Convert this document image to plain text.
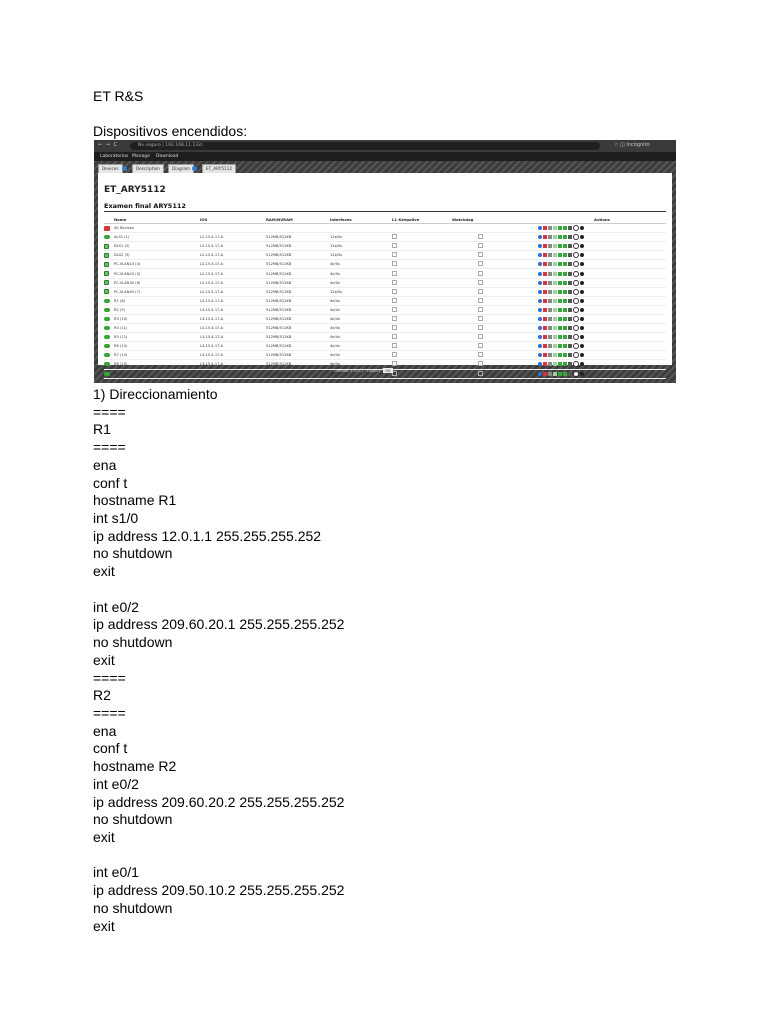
ET R&S
Dispositivos encendidos:
← → C	No seguro | 192.168.11.132/	☆ ◫ Incógnito
Laboratorios Manage Download
Devices	Description	Diagram	ET_ARY5112
ET_ARY5112
Examen final ARY5112
	Name	IOS	RAM/NVRAM	Interfaces	L1 Keepalive	Watchdog	Actions
	All Devices						

	ALS1 (1)	L2-15.4-17-A	512MB/512KB	12e/0s			

	DLS1 (2)	L2-15.4-17-A	512MB/512KB	12e/0s			

	DLS2 (3)	L2-15.4-17-A	512MB/512KB	12e/0s			

	PC-VLAN10 (4)	L2-15.4-17-A	512MB/512KB	4e/0s			

	PC-VLAN20 (5)	L2-15.4-17-A	512MB/512KB	4e/0s			

	PC-VLAN30 (6)	L2-15.4-17-A	512MB/512KB	4e/0s			

	PC-VLAN40 (7)	L2-15.4-17-A	512MB/512KB	12e/0s			

	R1 (8)	L3-15.4-17-A	512MB/512KB	4e/4s			

	R2 (9)	L3-15.4-17-A	512MB/512KB	4e/4s			

	R3 (10)	L3-15.4-17-A	512MB/512KB	4e/4s			

	R4 (11)	L3-15.4-17-A	512MB/512KB	4e/4s			

	R5 (12)	L3-15.4-17-A	512MB/512KB	4e/4s			

	R6 (13)	L3-15.4-17-A	512MB/512KB	4e/4s			

	R7 (14)	L3-15.4-17-A	512MB/512KB	4e/4s			

	R8 (15)	L3-15.4-17-A	512MB/512KB	4e/4s			

	R9 (16)	L3-15.4-17-A	512MB/512KB	4e/4s			
Unetlab 1.0.0-2 · Logout OK
1) Direccionamiento
====
R1
====
ena
conf t
hostname R1
int s1/0
ip address 12.0.1.1 255.255.255.252
no shutdown
exit
int e0/2
ip address 209.60.20.1 255.255.255.252
no shutdown
exit
====
R2
====
ena
conf t
hostname R2
int e0/2
ip address 209.60.20.2 255.255.255.252
no shutdown
exit
int e0/1
ip address 209.50.10.2 255.255.255.252
no shutdown
exit
